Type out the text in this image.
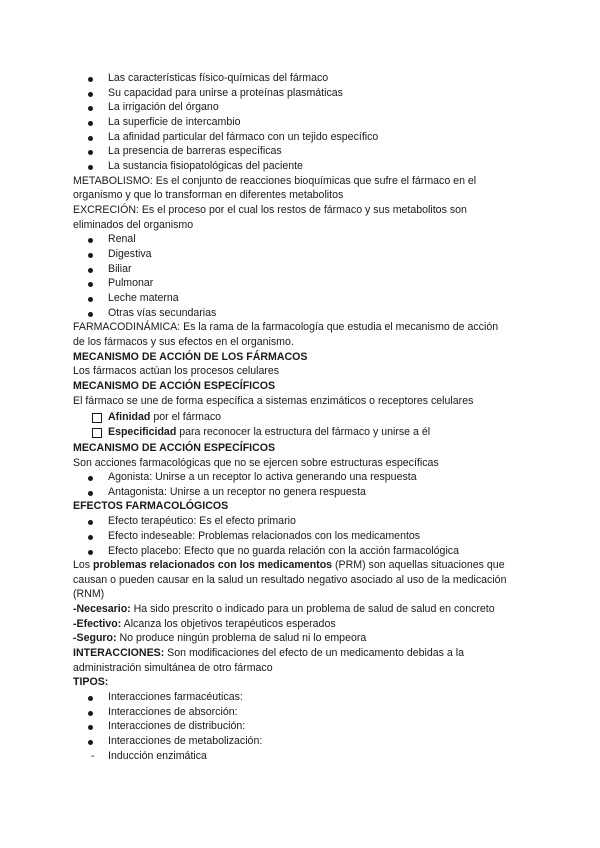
Las características físico-químicas del fármaco
Su capacidad para unirse a proteínas plasmáticas
La irrigación del órgano
La superficie de intercambio
La afinidad particular del fármaco con un tejido específico
La presencia de barreras específicas
La sustancia fisiopatológicas del paciente
METABOLISMO: Es el conjunto de reacciones bioquímicas que sufre el fármaco en el
organismo y que lo transforman en diferentes metabolitos
EXCRECIÓN: Es el proceso por el cual los restos de fármaco y sus metabolitos son
eliminados del organismo
Renal
Digestiva
Biliar
Pulmonar
Leche materna
Otras vías secundarias
FARMACODINÁMICA: Es la rama de la farmacología que estudia el mecanismo de acción
de los fármacos y sus efectos en el organismo.
MECANISMO DE ACCIÓN DE LOS FÁRMACOS
Los fármacos actúan los procesos celulares
MECANISMO DE ACCIÓN ESPECÍFICOS
El fármaco se une de forma específica a sistemas enzimáticos o receptores celulares
Afinidad por el fármaco
Especificidad para reconocer la estructura del fármaco y unirse a él
MECANISMO DE ACCIÓN ESPECÍFICOS
Son acciones farmacológicas que no se ejercen sobre estructuras específicas
Agonista: Unirse a un receptor lo activa generando una respuesta
Antagonista: Unirse a un receptor no genera respuesta
EFECTOS FARMACOLÓGICOS
Efecto terapéutico: Es el efecto primario
Efecto indeseable: Problemas relacionados con los medicamentos
Efecto placebo: Efecto que no guarda relación con la acción farmacológica
Los problemas relacionados con los medicamentos (PRM) son aquellas situaciones que
causan o pueden causar en la salud un resultado negativo asociado al uso de la medicación
(RNM)
-Necesario: Ha sido prescrito o indicado para un problema de salud de salud en concreto
-Efectivo: Alcanza los objetivos terapéuticos esperados
-Seguro: No produce ningún problema de salud ni lo empeora
INTERACCIONES: Son modificaciones del efecto de un medicamento debidas a la
administración simultánea de otro fármaco
TIPOS:
Interacciones farmacéuticas:
Interacciones de absorción:
Interacciones de distribución:
Interacciones de metabolización:
- Inducción enzimática
